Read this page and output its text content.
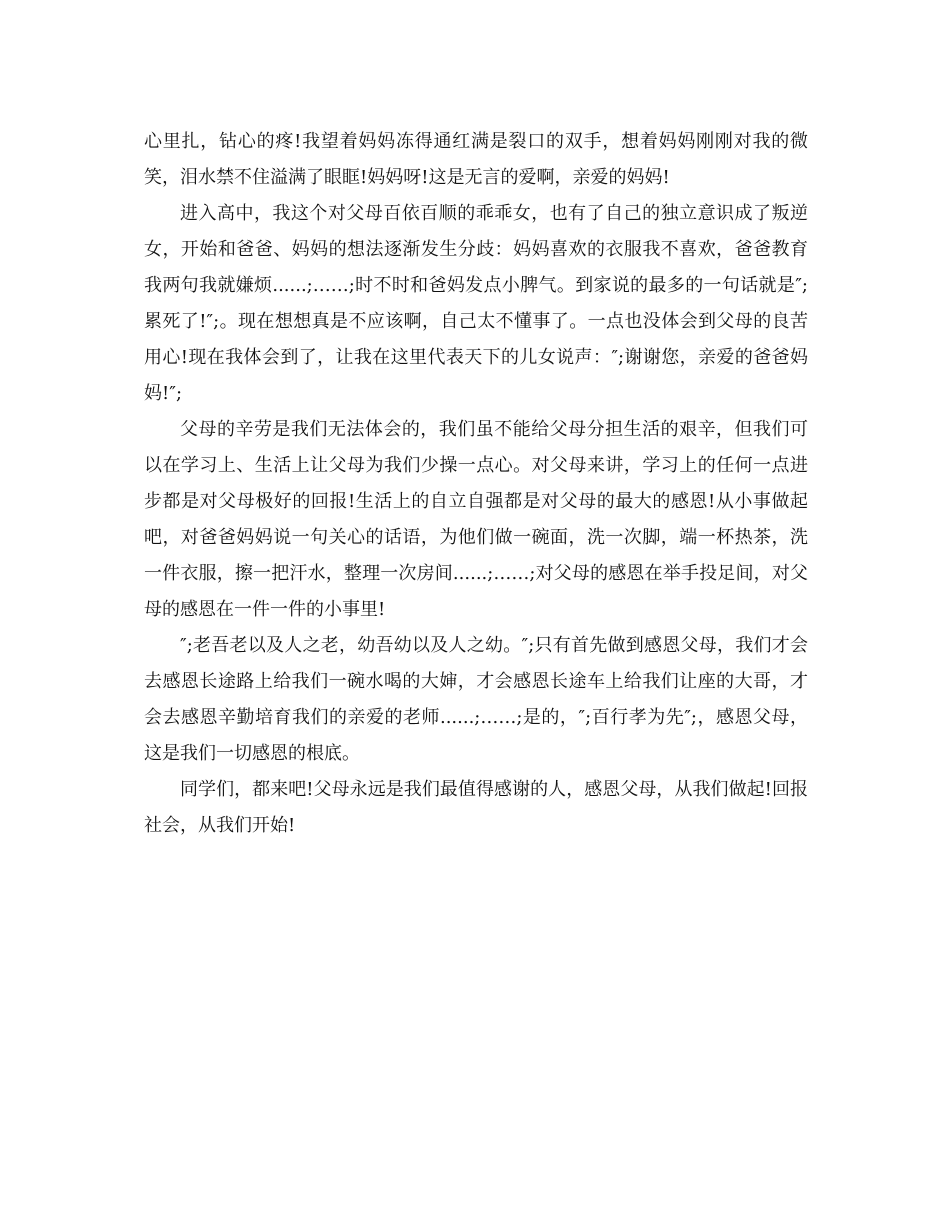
心里扎，钻心的疼!我望着妈妈冻得通红满是裂口的双手，想着妈妈刚刚对我的微笑，泪水禁不住溢满了眼眶!妈妈呀!这是无言的爱啊，亲爱的妈妈!

进入高中，我这个对父母百依百顺的乖乖女，也有了自己的独立意识成了叛逆女，开始和爸爸、妈妈的想法逐渐发生分歧：妈妈喜欢的衣服我不喜欢，爸爸教育我两句我就嫌烦......;……;时不时和爸妈发点小脾气。到家说的最多的一句话就是″;累死了!″;。现在想想真是不应该啊，自己太不懂事了。一点也没体会到父母的良苦用心!现在我体会到了，让我在这里代表天下的儿女说声：″;谢谢您，亲爱的爸爸妈妈!″;

父母的辛劳是我们无法体会的，我们虽不能给父母分担生活的艰辛，但我们可以在学习上、生活上让父母为我们少操一点心。对父母来讲，学习上的任何一点进步都是对父母极好的回报!生活上的自立自强都是对父母的最大的感恩!从小事做起吧，对爸爸妈妈说一句关心的话语，为他们做一碗面，洗一次脚，端一杯热茶，洗一件衣服，擦一把汗水，整理一次房间......;……;对父母的感恩在举手投足间，对父母的感恩在一件一件的小事里!

″;老吾老以及人之老，幼吾幼以及人之幼。″;只有首先做到感恩父母，我们才会去感恩长途路上给我们一碗水喝的大婶，才会感恩长途车上给我们让座的大哥，才会去感恩辛勤培育我们的亲爱的老师......;……;是的，″;百行孝为先″;，感恩父母，这是我们一切感恩的根底。

同学们，都来吧!父母永远是我们最值得感谢的人，感恩父母，从我们做起!回报社会，从我们开始!
